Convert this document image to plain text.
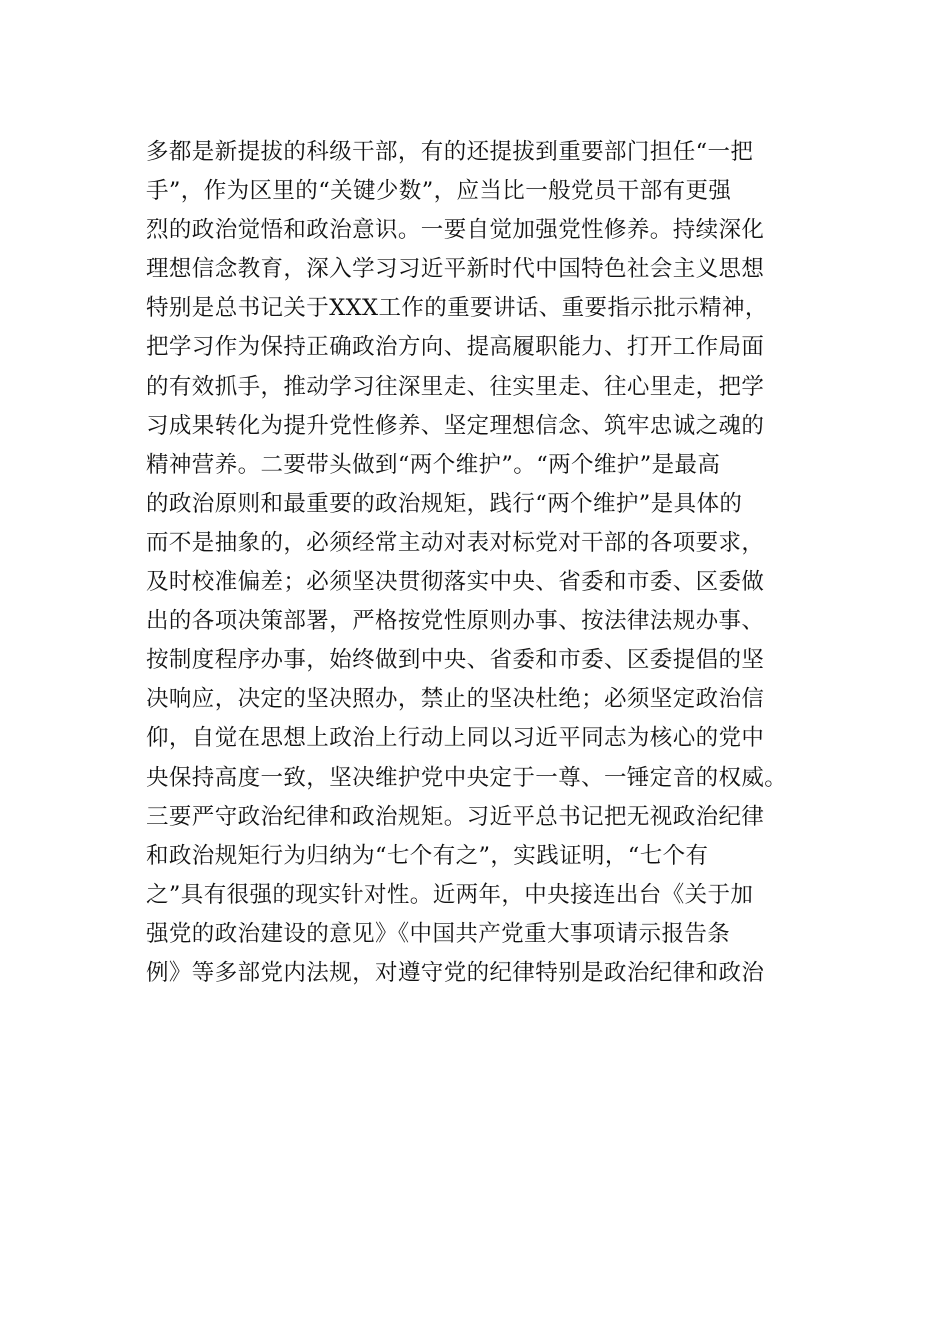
多都是新提拔的科级干部，有的还提拔到重要部门担任“一把
手”，作为区里的“关键少数”，应当比一般党员干部有更强
烈的政治觉悟和政治意识。一要自觉加强党性修养。持续深化
理想信念教育，深入学习习近平新时代中国特色社会主义思想
特别是总书记关于XXX工作的重要讲话、重要指示批示精神，
把学习作为保持正确政治方向、提高履职能力、打开工作局面
的有效抓手，推动学习往深里走、往实里走、往心里走，把学
习成果转化为提升党性修养、坚定理想信念、筑牢忠诚之魂的
精神营养。二要带头做到“两个维护”。“两个维护”是最高
的政治原则和最重要的政治规矩，践行“两个维护”是具体的
而不是抽象的，必须经常主动对表对标党对干部的各项要求，
及时校准偏差；必须坚决贯彻落实中央、省委和市委、区委做
出的各项决策部署，严格按党性原则办事、按法律法规办事、
按制度程序办事，始终做到中央、省委和市委、区委提倡的坚
决响应，决定的坚决照办，禁止的坚决杜绝；必须坚定政治信
仰，自觉在思想上政治上行动上同以习近平同志为核心的党中
央保持高度一致，坚决维护党中央定于一尊、一锤定音的权威。
三要严守政治纪律和政治规矩。习近平总书记把无视政治纪律
和政治规矩行为归纳为“七个有之”，实践证明，“七个有
之”具有很强的现实针对性。近两年，中央接连出台《关于加
强党的政治建设的意见》《中国共产党重大事项请示报告条
例》等多部党内法规，对遵守党的纪律特别是政治纪律和政治
